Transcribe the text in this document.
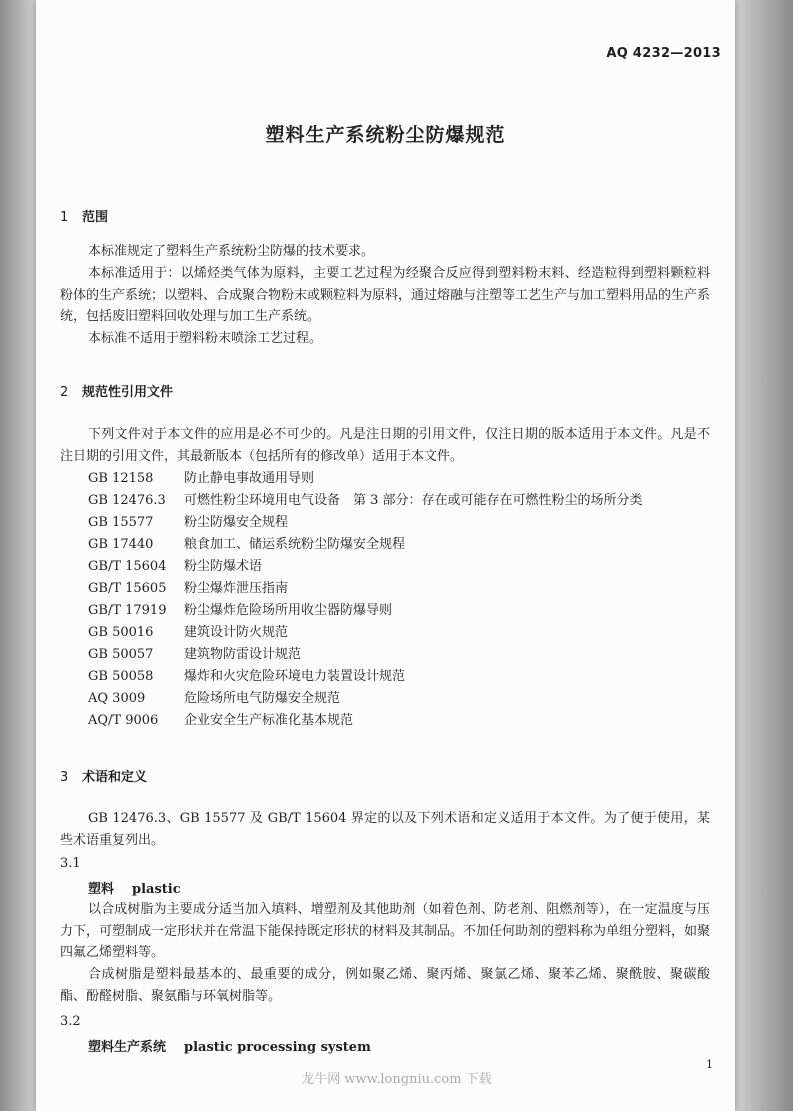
AQ 4232—2013
塑料生产系统粉尘防爆规范
1 范围
本标准规定了塑料生产系统粉尘防爆的技术要求。
本标准适用于：以烯烃类气体为原料，主要工艺过程为经聚合反应得到塑料粉末料、经造粒得到塑料颗粒料粉体的生产系统；以塑料、合成聚合物粉末或颗粒料为原料，通过熔融与注塑等工艺生产与加工塑料用品的生产系统，包括废旧塑料回收处理与加工生产系统。
本标准不适用于塑料粉末喷涂工艺过程。
2 规范性引用文件
下列文件对于本文件的应用是必不可少的。凡是注日期的引用文件，仅注日期的版本适用于本文件。凡是不注日期的引用文件，其最新版本（包括所有的修改单）适用于本文件。
GB 12158 防止静电事故通用导则
GB 12476.3 可燃性粉尘环境用电气设备　第 3 部分：存在或可能存在可燃性粉尘的场所分类
GB 15577 粉尘防爆安全规程
GB 17440 粮食加工、储运系统粉尘防爆安全规程
GB/T 15604 粉尘防爆术语
GB/T 15605 粉尘爆炸泄压指南
GB/T 17919 粉尘爆炸危险场所用收尘器防爆导则
GB 50016 建筑设计防火规范
GB 50057 建筑物防雷设计规范
GB 50058 爆炸和火灾危险环境电力装置设计规范
AQ 3009	危险场所电气防爆安全规范
AQ/T 9006 企业安全生产标准化基本规范
3 术语和定义
GB 12476.3、GB 15577 及 GB/T 15604 界定的以及下列术语和定义适用于本文件。为了便于使用，某些术语重复列出。
3.1
塑料 plastic
以合成树脂为主要成分适当加入填料、增塑剂及其他助剂（如着色剂、防老剂、阻燃剂等），在一定温度与压力下，可塑制成一定形状并在常温下能保持既定形状的材料及其制品。不加任何助剂的塑料称为单组分塑料，如聚四氟乙烯塑料等。
合成树脂是塑料最基本的、最重要的成分，例如聚乙烯、聚丙烯、聚氯乙烯、聚苯乙烯、聚酰胺、聚碳酸酯、酚醛树脂、聚氨酯与环氧树脂等。
3.2
塑料生产系统 plastic processing system
1
龙牛网 www.longniu.com 下载
